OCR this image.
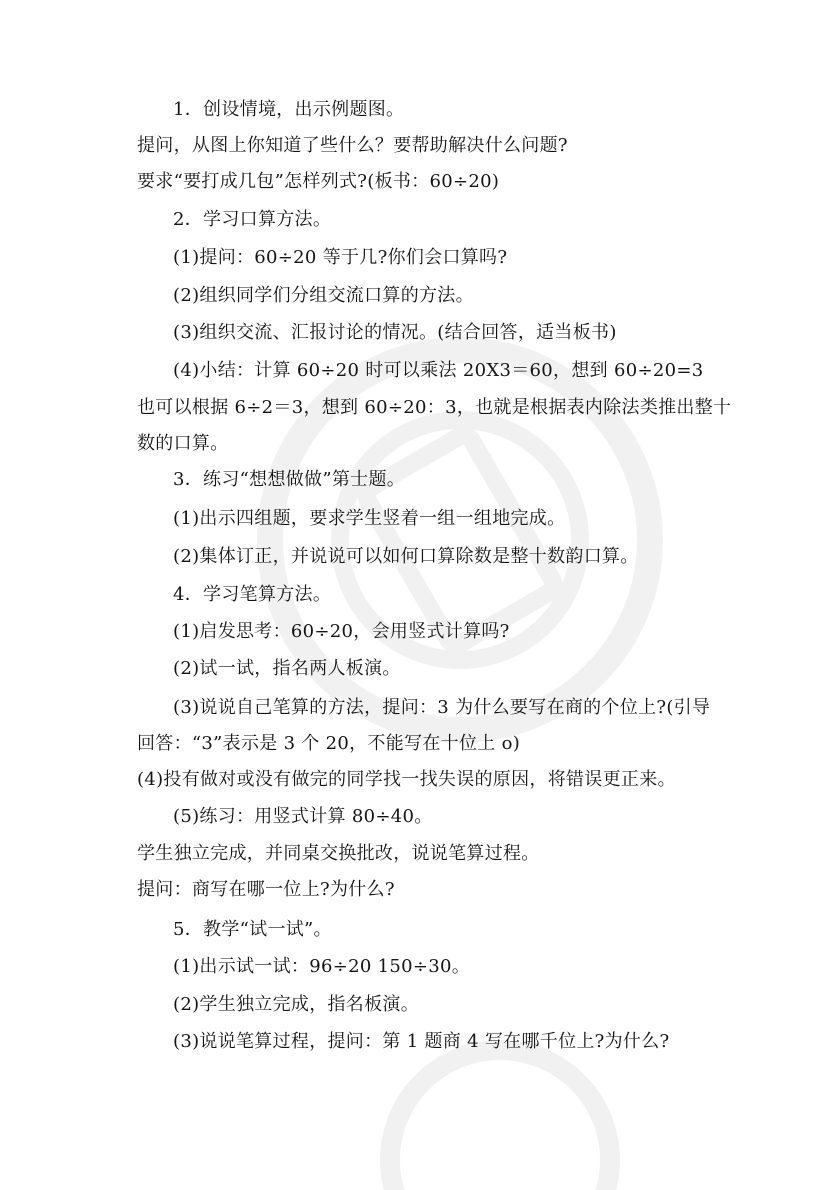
1．创设情境，出示例题图。
提问，从图上你知道了些什么？要帮助解决什么问题?
要求“要打成几包”怎样列式?(板书：60÷20)
2．学习口算方法。
(1)提问：60÷20 等于几?你们会口算吗?
(2)组织同学们分组交流口算的方法。
(3)组织交流、汇报讨论的情况。(结合回答，适当板书)
(4)小结：计算 60÷20 时可以乘法 20X3＝60，想到 60÷20=3
也可以根据 6÷2＝3，想到 60÷20：3，也就是根据表内除法类推出整十
数的口算。
3．练习“想想做做”第士题。
(1)出示四组题，要求学生竖着一组一组地完成。
(2)集体订正，并说说可以如何口算除数是整十数韵口算。
4．学习笔算方法。
(1)启发思考：60÷20，会用竖式计算吗?
(2)试一试，指名两人板演。
(3)说说自己笔算的方法，提问：3 为什么要写在商的个位上?(引导
回答：“3”表示是 3 个 20，不能写在十位上 o)
(4)投有做对或没有做完的同学找一找失误的原因，将错误更正来。
(5)练习：用竖式计算 80÷40。
学生独立完成，并同桌交换批改，说说笔算过程。
提问：商写在哪一位上?为什么?
5．教学“试一试”。
(1)出示试一试：96÷20 150÷30。
(2)学生独立完成，指名板演。
(3)说说笔算过程，提问：第 1 题商 4 写在哪千位上?为什么?
